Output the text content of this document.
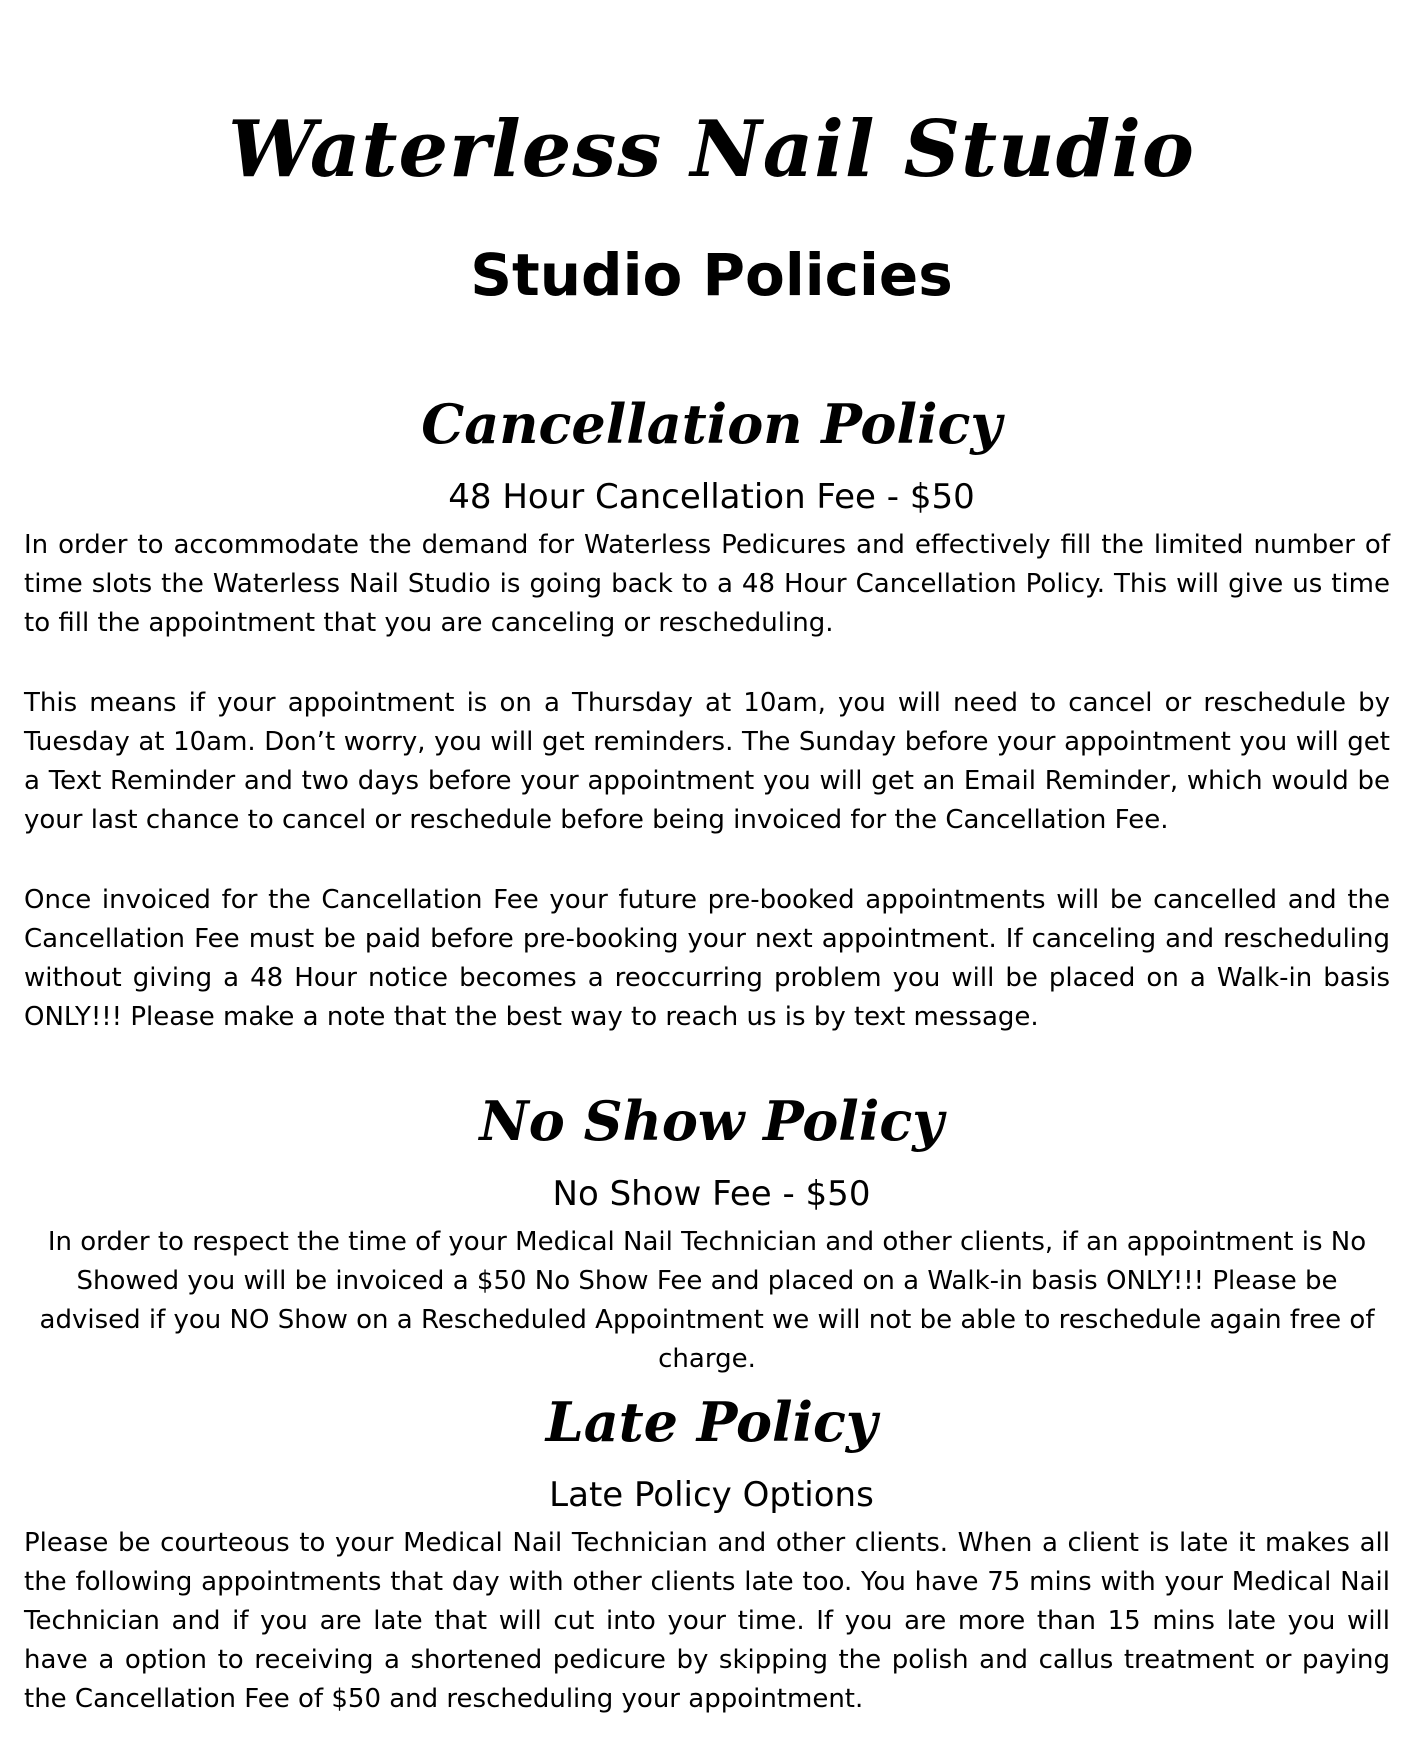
Waterless Nail Studio
Studio Policies
Cancellation Policy

48 Hour Cancellation Fee - $50

In order to accommodate the demand for Waterless Pedicures and effectively fill the limited number of time slots the Waterless Nail Studio is going back to a 48 Hour Cancellation Policy. This will give us time to fill the appointment that you are canceling or rescheduling.

This means if your appointment is on a Thursday at 10am, you will need to cancel or reschedule by Tuesday at 10am. Don’t worry, you will get reminders. The Sunday before your appointment you will get a Text Reminder and two days before your appointment you will get an Email Reminder, which would be your last chance to cancel or reschedule before being invoiced for the Cancellation Fee.

Once invoiced for the Cancellation Fee your future pre-booked appointments will be cancelled and the Cancellation Fee must be paid before pre-booking your next appointment. If canceling and rescheduling without giving a 48 Hour notice becomes a reoccurring problem you will be placed on a Walk-in basis ONLY!!! Please make a note that the best way to reach us is by text message.

No Show Policy

No Show Fee - $50

In order to respect the time of your Medical Nail Technician and other clients, if an appointment is No Showed you will be invoiced a $50 No Show Fee and placed on a Walk-in basis ONLY!!! Please be advised if you NO Show on a Rescheduled Appointment we will not be able to reschedule again free of charge.

Late Policy

Late Policy Options

Please be courteous to your Medical Nail Technician and other clients. When a client is late it makes all the following appointments that day with other clients late too. You have 75 mins with your Medical Nail Technician and if you are late that will cut into your time. If you are more than 15 mins late you will have a option to receiving a shortened pedicure by skipping the polish and callus treatment or paying the Cancellation Fee of $50 and rescheduling your appointment.
